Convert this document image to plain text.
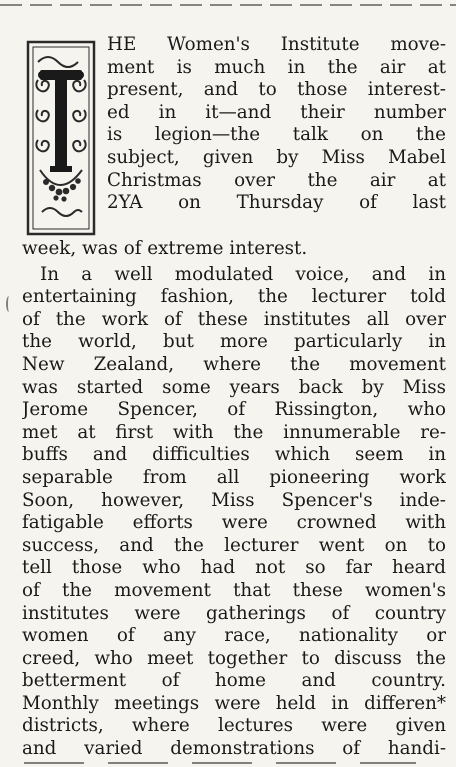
HE Women's Institute move-
ment is much in the air at
present, and to those interest-
ed in it—and their number
is legion—the talk on the
subject, given by Miss Mabel
Christmas over the air at
2YA on Thursday of last
week, was of extreme interest.
In a well modulated voice, and in
entertaining fashion, the lecturer told
of the work of these institutes all over
the world, but more particularly in
New Zealand, where the movement
was started some years back by Miss
Jerome Spencer, of Rissington, who
met at first with the innumerable re-
buffs and difficulties which seem in
separable from all pioneering work
Soon, however, Miss Spencer's inde-
fatigable efforts were crowned with
success, and the lecturer went on to
tell those who had not so far heard
of the movement that these women's
institutes were gatherings of country
women of any race, nationality or
creed, who meet together to discuss the
betterment of home and country.
Monthly meetings were held in differen*
districts, where lectures were given
and varied demonstrations of handi-
